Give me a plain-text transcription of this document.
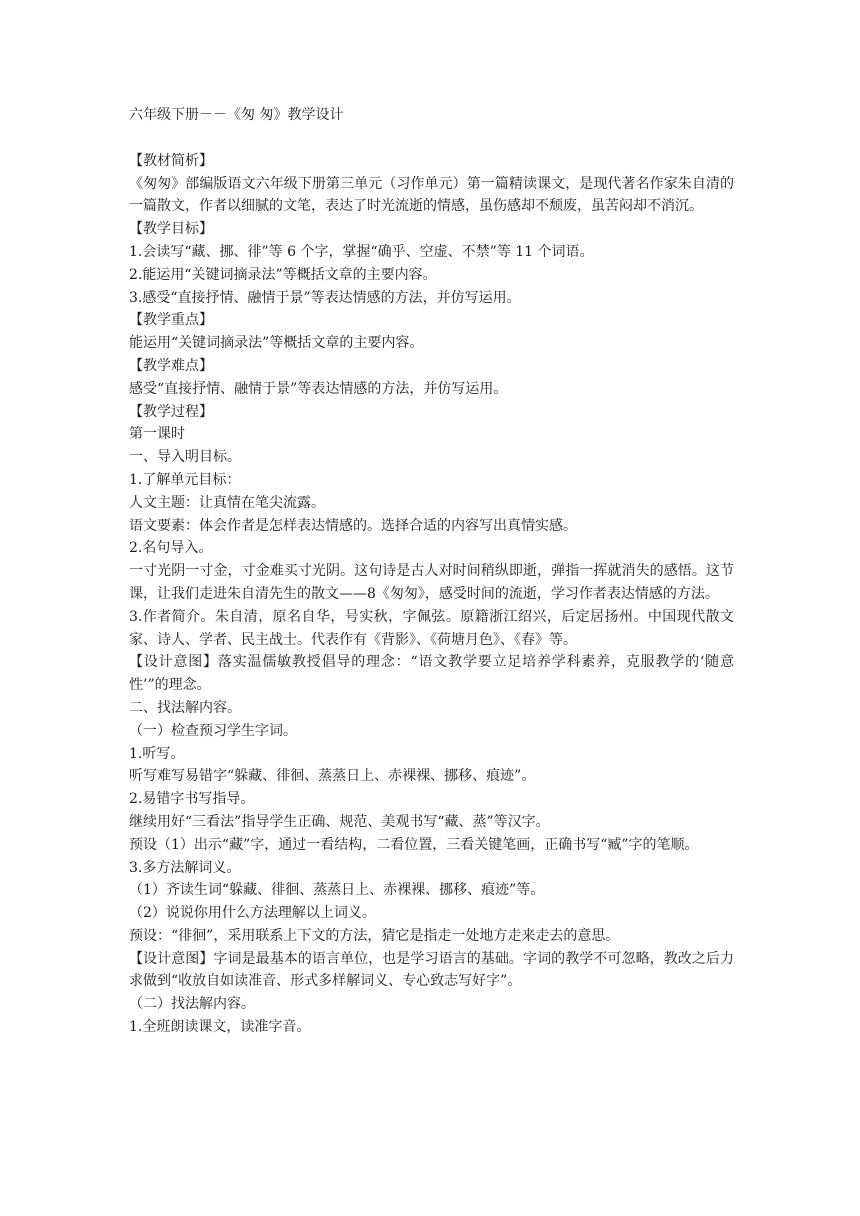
六年级下册－－《匆 匆》教学设计
【教材简析】
《匆匆》部编版语文六年级下册第三单元（习作单元）第一篇精读课文，是现代著名作家朱自清的一篇散文，作者以细腻的文笔，表达了时光流逝的情感，虽伤感却不颓废，虽苦闷却不消沉。
【教学目标】
1.会读写“藏、挪、徘”等 6 个字，掌握“确乎、空虚、不禁”等 11 个词语。
2.能运用“关键词摘录法”等概括文章的主要内容。
3.感受“直接抒情、融情于景”等表达情感的方法，并仿写运用。
【教学重点】
能运用“关键词摘录法”等概括文章的主要内容。
【教学难点】
感受“直接抒情、融情于景”等表达情感的方法，并仿写运用。
【教学过程】
第一课时
一、导入明目标。
1.了解单元目标：
人文主题：让真情在笔尖流露。
语文要素：体会作者是怎样表达情感的。选择合适的内容写出真情实感。
2.名句导入。
一寸光阴一寸金，寸金难买寸光阴。这句诗是古人对时间稍纵即逝，弹指一挥就消失的感悟。这节课，让我们走进朱自清先生的散文——8《匆匆》，感受时间的流逝，学习作者表达情感的方法。
3.作者简介。朱自清，原名自华，号实秋，字佩弦。原籍浙江绍兴，后定居扬州。中国现代散文家、诗人、学者、民主战士。代表作有《背影》、《荷塘月色》、《春》等。
【设计意图】落实温儒敏教授倡导的理念：“语文教学要立足培养学科素养，克服教学的‘随意性’”的理念。
二、找法解内容。
（一）检查预习学生字词。
1.听写。
听写难写易错字“躲藏、徘徊、蒸蒸日上、赤裸裸、挪移、痕迹”。
2.易错字书写指导。
继续用好“三看法”指导学生正确、规范、美观书写“藏、蒸”等汉字。
预设（1）出示“藏”字，通过一看结构，二看位置，三看关键笔画，正确书写“臧”字的笔顺。
3.多方法解词义。
（1）齐读生词“躲藏、徘徊、蒸蒸日上、赤裸裸、挪移、痕迹”等。
（2）说说你用什么方法理解以上词义。
预设：“徘徊”，采用联系上下文的方法，猜它是指走一处地方走来走去的意思。
【设计意图】字词是最基本的语言单位，也是学习语言的基础。字词的教学不可忽略，教改之后力求做到“收放自如读准音、形式多样解词义、专心致志写好字”。
（二）找法解内容。
1.全班朗读课文，读准字音。
